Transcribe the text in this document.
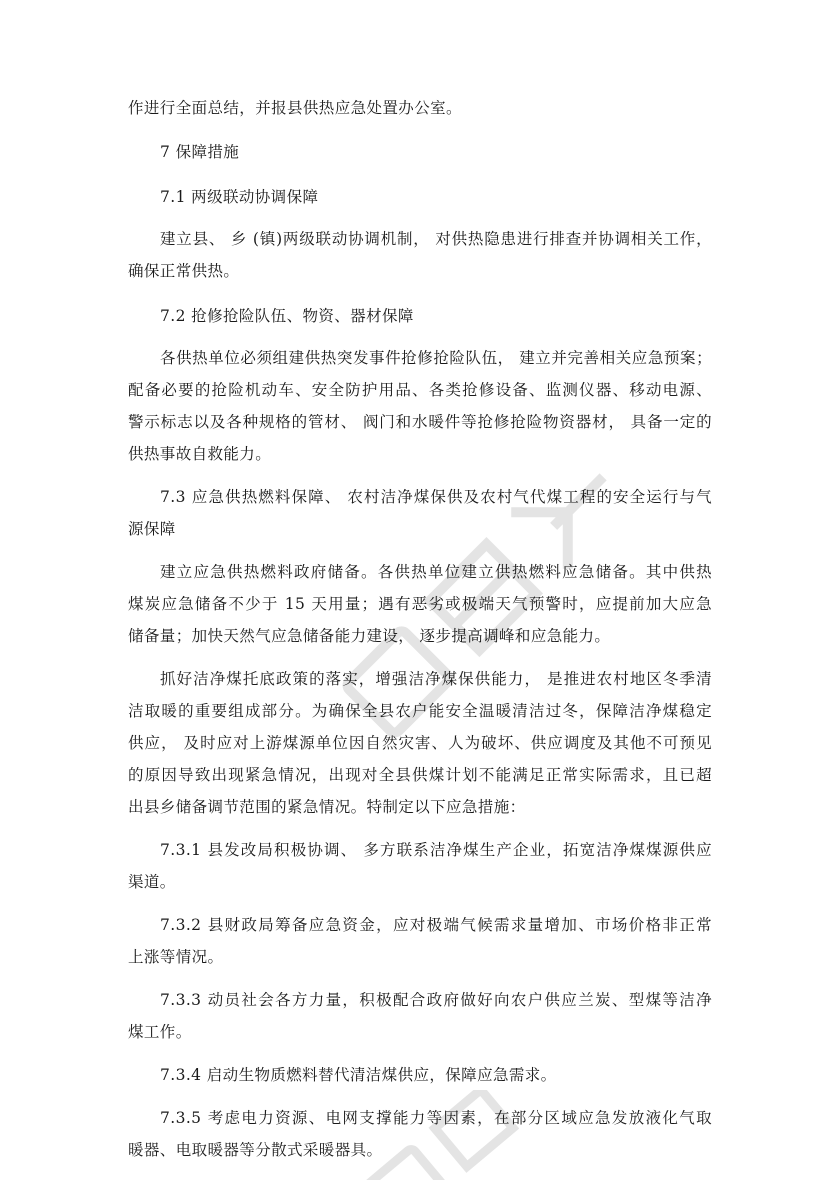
作进行全面总结，并报县供热应急处置办公室。
7 保障措施
7.1 两级联动协调保障
建立县、 乡 (镇)两级联动协调机制， 对供热隐患进行排查并协调相关工作，
确保正常供热。
7.2 抢修抢险队伍、物资、器材保障
各供热单位必须组建供热突发事件抢修抢险队伍， 建立并完善相关应急预案；
配备必要的抢险机动车、安全防护用品、各类抢修设备、监测仪器、移动电源、
警示标志以及各种规格的管材、 阀门和水暖件等抢修抢险物资器材， 具备一定的
供热事故自救能力。
7.3 应急供热燃料保障、 农村洁净煤保供及农村气代煤工程的安全运行与气
源保障
建立应急供热燃料政府储备。各供热单位建立供热燃料应急储备。其中供热
煤炭应急储备不少于 15 天用量；遇有恶劣或极端天气预警时，应提前加大应急
储备量；加快天然气应急储备能力建设， 逐步提高调峰和应急能力。
抓好洁净煤托底政策的落实，增强洁净煤保供能力， 是推进农村地区冬季清
洁取暖的重要组成部分。为确保全县农户能安全温暖清洁过冬，保障洁净煤稳定
供应， 及时应对上游煤源单位因自然灾害、人为破坏、供应调度及其他不可预见
的原因导致出现紧急情况，出现对全县供煤计划不能满足正常实际需求，且已超
出县乡储备调节范围的紧急情况。特制定以下应急措施：
7.3.1 县发改局积极协调、 多方联系洁净煤生产企业，拓宽洁净煤煤源供应
渠道。
7.3.2 县财政局筹备应急资金，应对极端气候需求量增加、市场价格非正常
上涨等情况。
7.3.3 动员社会各方力量，积极配合政府做好向农户供应兰炭、型煤等洁净
煤工作。
7.3.4 启动生物质燃料替代清洁煤供应，保障应急需求。
7.3.5 考虑电力资源、电网支撑能力等因素，在部分区域应急发放液化气取
暖器、电取暖器等分散式采暖器具。
